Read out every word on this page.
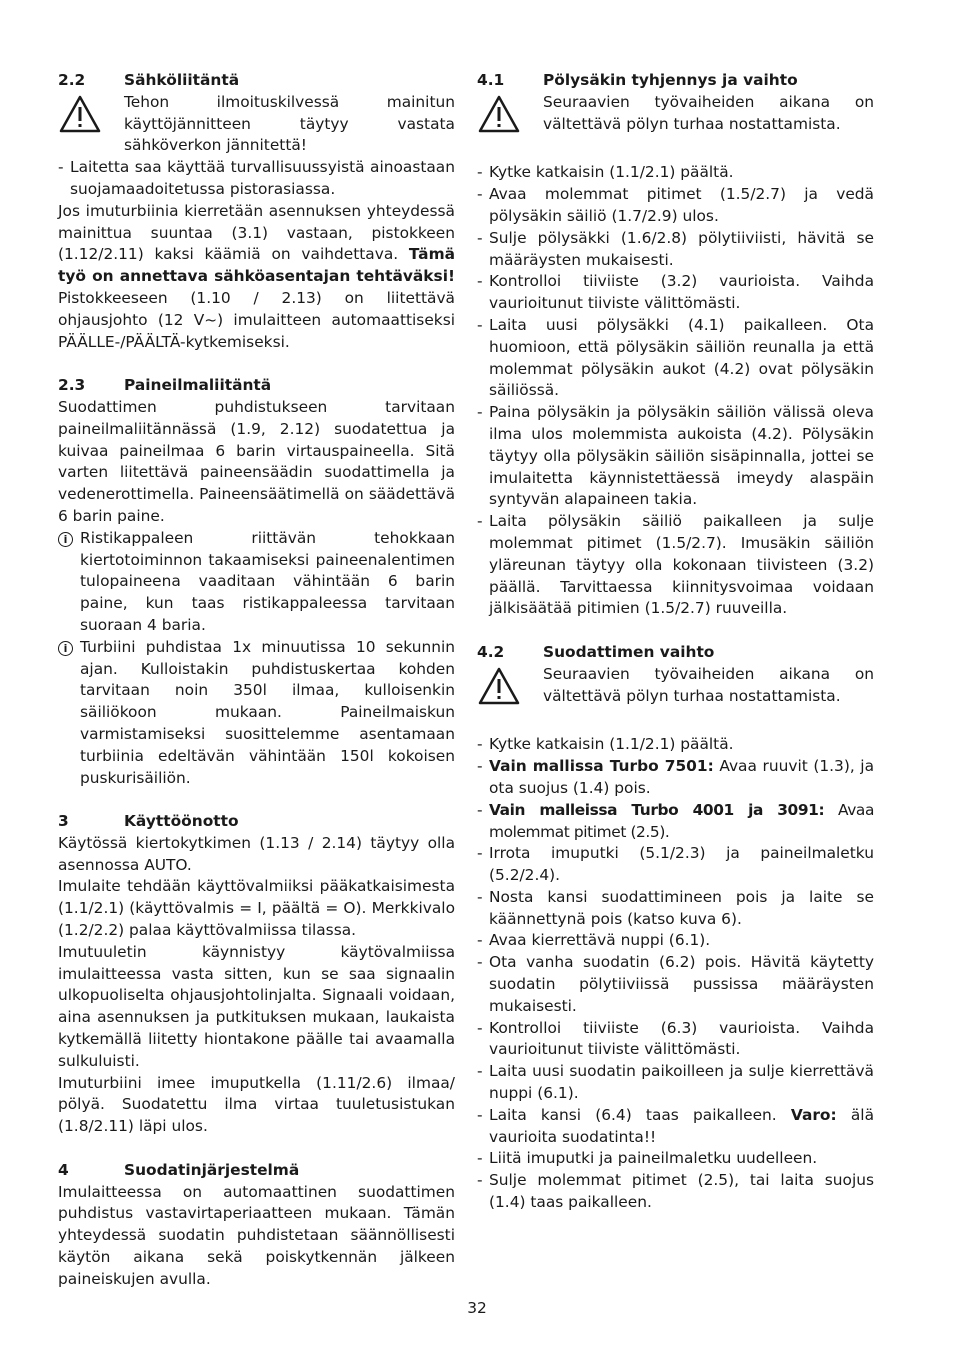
2.2	Sähköliitäntä

Tehon ilmoituskilvessä mainitun käyttöjännitteen täytyy vastata sähköverkon jännitettä!

- Laitetta saa käyttää turvallisuussyistä ainoastaan suojamaadoitetussa pistorasiassa.

Jos imuturbiinia kierretään asennuksen yhteydessä mainittua suuntaa (3.1) vastaan, pistokkeen (1.12/2.11) kaksi käämiä on vaihdettava. Tämä työ on annettava sähköasentajan tehtäväksi! Pistokkeeseen (1.10 / 2.13) on liitettävä ohjausjohto (12 V~) imulaitteen automaattiseksi PÄÄLLE-/PÄÄLTÄ-kytkemiseksi.

2.3	Paineilmaliitäntä

Suodattimen puhdistukseen tarvitaan paineilmaliitännässä (1.9, 2.12) suodatettua ja kuivaa paineilmaa 6 barin virtauspaineella. Sitä varten liitettävä paineensäädin suodattimella ja vedenerottimella. Paineensäätimellä on säädettävä 6 barin paine.

i Ristikappaleen riittävän tehokkaan kiertotoiminnon takaamiseksi paineenalentimen tulopaineena vaaditaan vähintään 6 barin paine, kun taas ristikappaleessa tarvitaan suoraan 4 baria.
i Turbiini puhdistaa 1x minuutissa 10 sekunnin ajan. Kulloistakin puhdistuskertaa kohden tarvitaan noin 350l ilmaa, kulloisenkin säiliökoon mukaan. Paineilmaiskun varmistamiseksi suosittelemme asentamaan turbiinia edeltävän vähintään 150l kokoisen puskurisäiliön.
3	Käyttöönotto

Käytössä kiertokytkimen (1.13 / 2.14) täytyy olla asennossa AUTO.

Imulaite tehdään käyttövalmiiksi pääkatkaisimesta (1.1/2.1) (käyttövalmis = I, päältä = O). Merkkivalo (1.2/2.2) palaa käyttövalmiissa tilassa.

Imutuuletin käynnistyy käytövalmiissa imulaitteessa vasta sitten, kun se saa signaalin ulkopuoliselta ohjausjohtolinjalta. Signaali voidaan, aina asennuksen ja putkituksen mukaan, laukaista kytkemällä liitetty hiontakone päälle tai avaamalla sulkuluisti.

Imuturbiini imee imuputkella (1.11/2.6) ilmaa/ pölyä. Suodatettu ilma virtaa tuuletusistukan (1.8/2.11) läpi ulos.

4	Suodatinjärjestelmä

Imulaitteessa on automaattinen suodattimen puhdistus vastavirtaperiaatteen mukaan. Tämän yhteydessä suodatin puhdistetaan säännöllisesti käytön aikana sekä poiskytkennän jälkeen paineiskujen avulla.

4.1	Pölysäkin tyhjennys ja vaihto

Seuraavien työvaiheiden aikana on vältettävä pölyn turhaa nostattamista.

- Kytke katkaisin (1.1/2.1) päältä.
- Avaa molemmat pitimet (1.5/2.7) ja vedä pölysäkin säiliö (1.7/2.9) ulos.
- Sulje pölysäkki (1.6/2.8) pölytiiviisti, hävitä se määräysten mukaisesti.
- Kontrolloi tiiviiste (3.2) vaurioista. Vaihda vaurioitunut tiiviste välittömästi.
- Laita uusi pölysäkki (4.1) paikalleen. Ota huomioon, että pölysäkin säiliön reunalla ja että molemmat pölysäkin aukot (4.2) ovat pölysäkin säiliössä.
- Paina pölysäkin ja pölysäkin säiliön välissä oleva ilma ulos molemmista aukoista (4.2). Pölysäkin täytyy olla pölysäkin säiliön sisäpinnalla, jottei se imulaitetta käynnistettäessä imeydy alaspäin syntyvän alapaineen takia.
- Laita pölysäkin säiliö paikalleen ja sulje molemmat pitimet (1.5/2.7). Imusäkin säiliön yläreunan täytyy olla kokonaan tiivisteen (3.2) päällä. Tarvittaessa kiinnitysvoimaa voidaan jälkisäätää pitimien (1.5/2.7) ruuveilla.
4.2	Suodattimen vaihto

Seuraavien työvaiheiden aikana on vältettävä pölyn turhaa nostattamista.

- Kytke katkaisin (1.1/2.1) päältä.
- Vain mallissa Turbo 7501: Avaa ruuvit (1.3), ja ota suojus (1.4) pois.
- Vain malleissa Turbo 4001 ja 3091: Avaa molemmat pitimet (2.5).
- Irrota imuputki (5.1/2.3) ja paineilmaletku (5.2/2.4).
- Nosta kansi suodattimineen pois ja laite se käännettynä pois (katso kuva 6).
- Avaa kierrettävä nuppi (6.1).
- Ota vanha suodatin (6.2) pois. Hävitä käytetty suodatin pölytiiviissä pussissa määräysten mukaisesti.
- Kontrolloi tiiviiste (6.3) vaurioista. Vaihda vaurioitunut tiiviste välittömästi.
- Laita uusi suodatin paikoilleen ja sulje kierrettävä nuppi (6.1).
- Laita kansi (6.4) taas paikalleen. Varo: älä vaurioita suodatinta!!
- Liitä imuputki ja paineilmaletku uudelleen.
- Sulje molemmat pitimet (2.5), tai laita suojus (1.4) taas paikalleen.
32
